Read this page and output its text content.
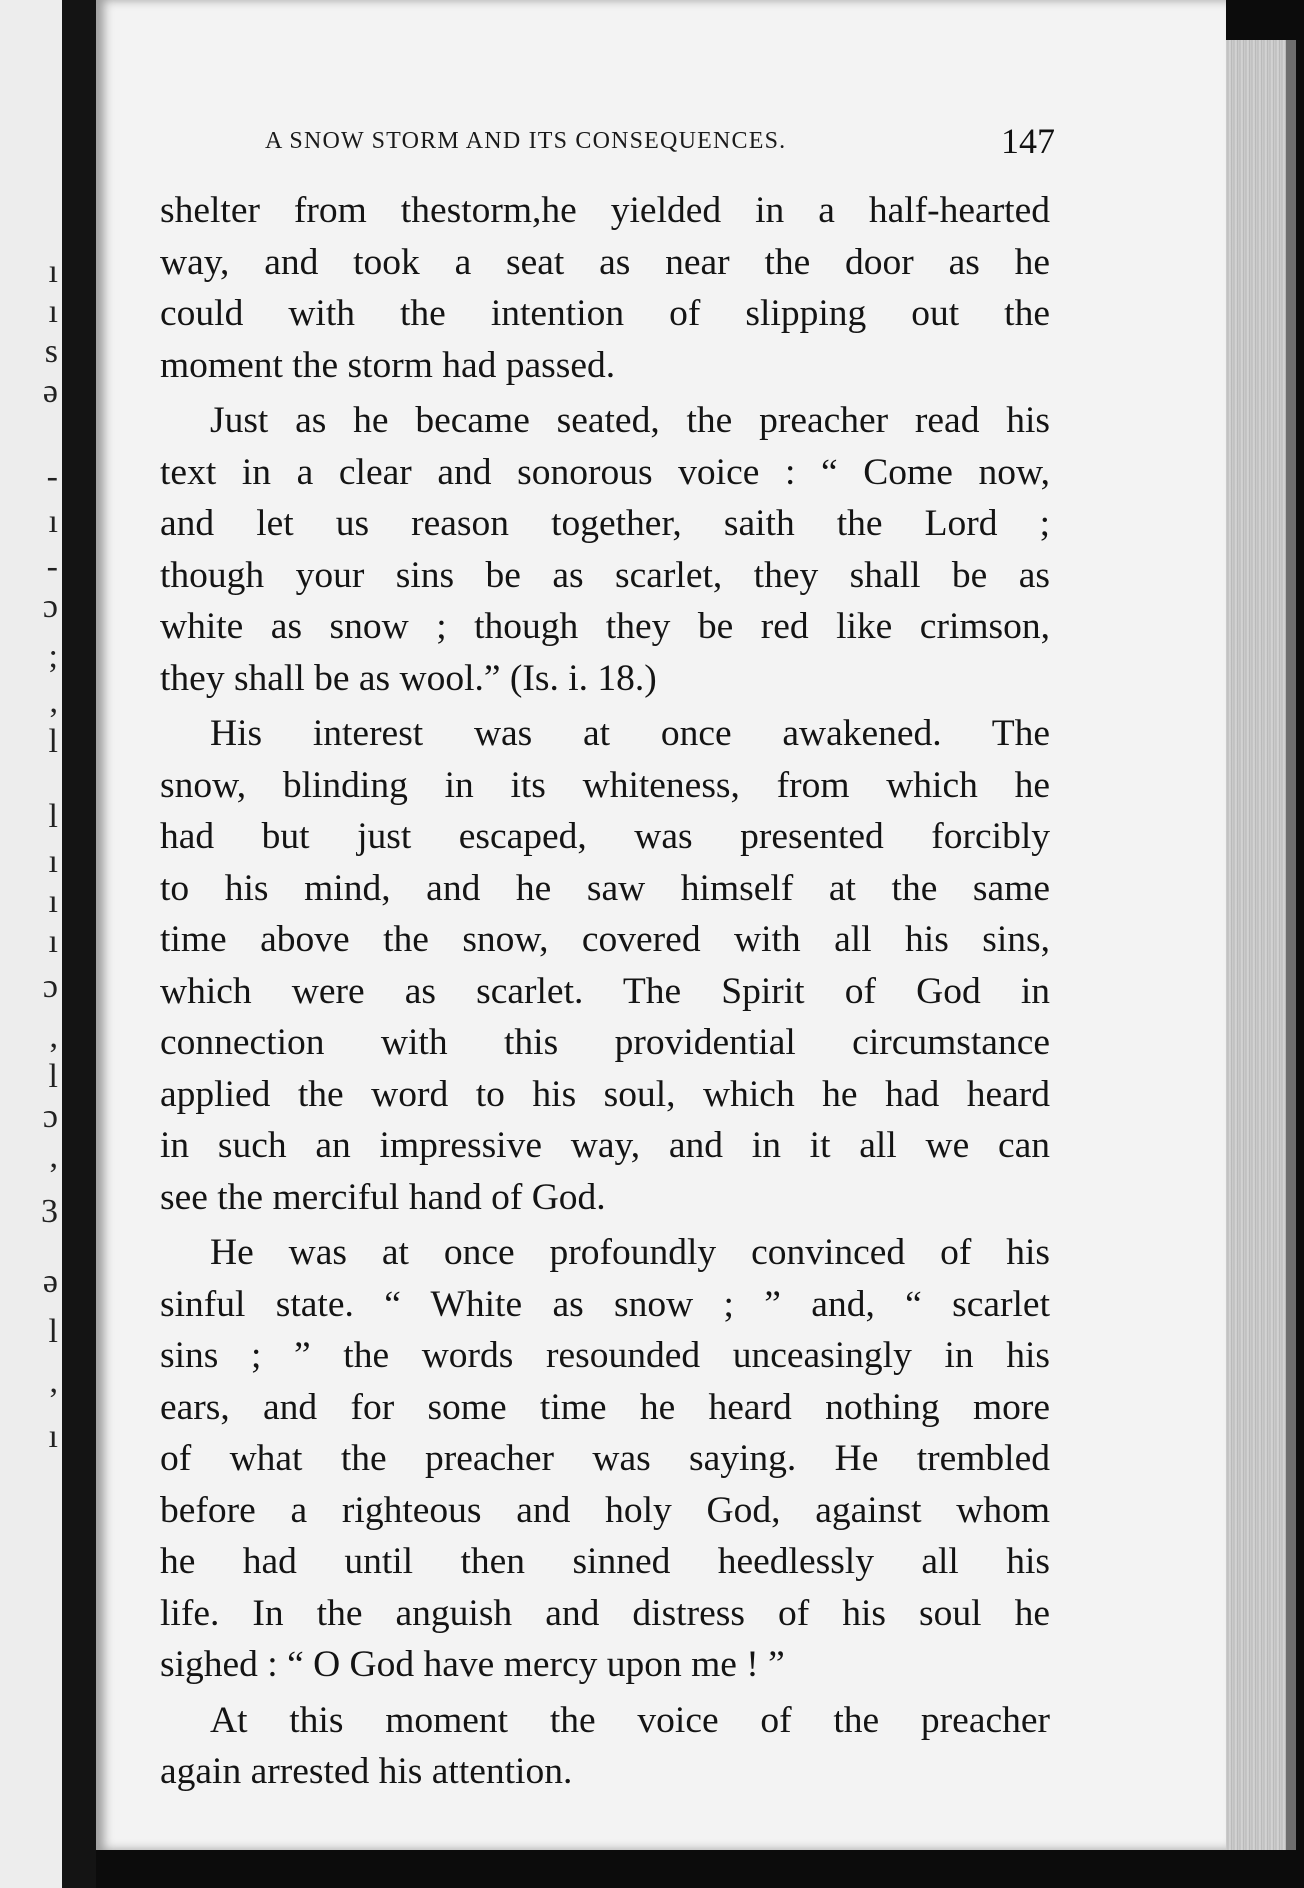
ı
ı
s
ə
-
ı
-
ɔ
;
,
l
l
ı
ı
ı
ɔ
,
l
ɔ
,
3
ə
l
,
ı
A SNOW STORM AND ITS CONSEQUENCES.	147
shelter from thestorm,he yielded in a half-hearted
way, and took a seat as near the door as he
could with the intention of slipping out the
moment the storm had passed.
Just as he became seated, the preacher read his
text in a clear and sonorous voice : “ Come now,
and let us reason together, saith the Lord ;
though your sins be as scarlet, they shall be as
white as snow ; though they be red like crimson,
they shall be as wool.” (Is. i. 18.)
His interest was at once awakened. The
snow, blinding in its whiteness, from which he
had but just escaped, was presented forcibly
to his mind, and he saw himself at the same
time above the snow, covered with all his sins,
which were as scarlet. The Spirit of God in
connection with this providential circumstance
applied the word to his soul, which he had heard
in such an impressive way, and in it all we can
see the merciful hand of God.
He was at once profoundly convinced of his
sinful state. “ White as snow ; ” and, “ scarlet
sins ; ” the words resounded unceasingly in his
ears, and for some time he heard nothing more
of what the preacher was saying. He trembled
before a righteous and holy God, against whom
he had until then sinned heedlessly all his
life. In the anguish and distress of his soul he
sighed : “ O God have mercy upon me ! ”
At this moment the voice of the preacher
again arrested his attention.
